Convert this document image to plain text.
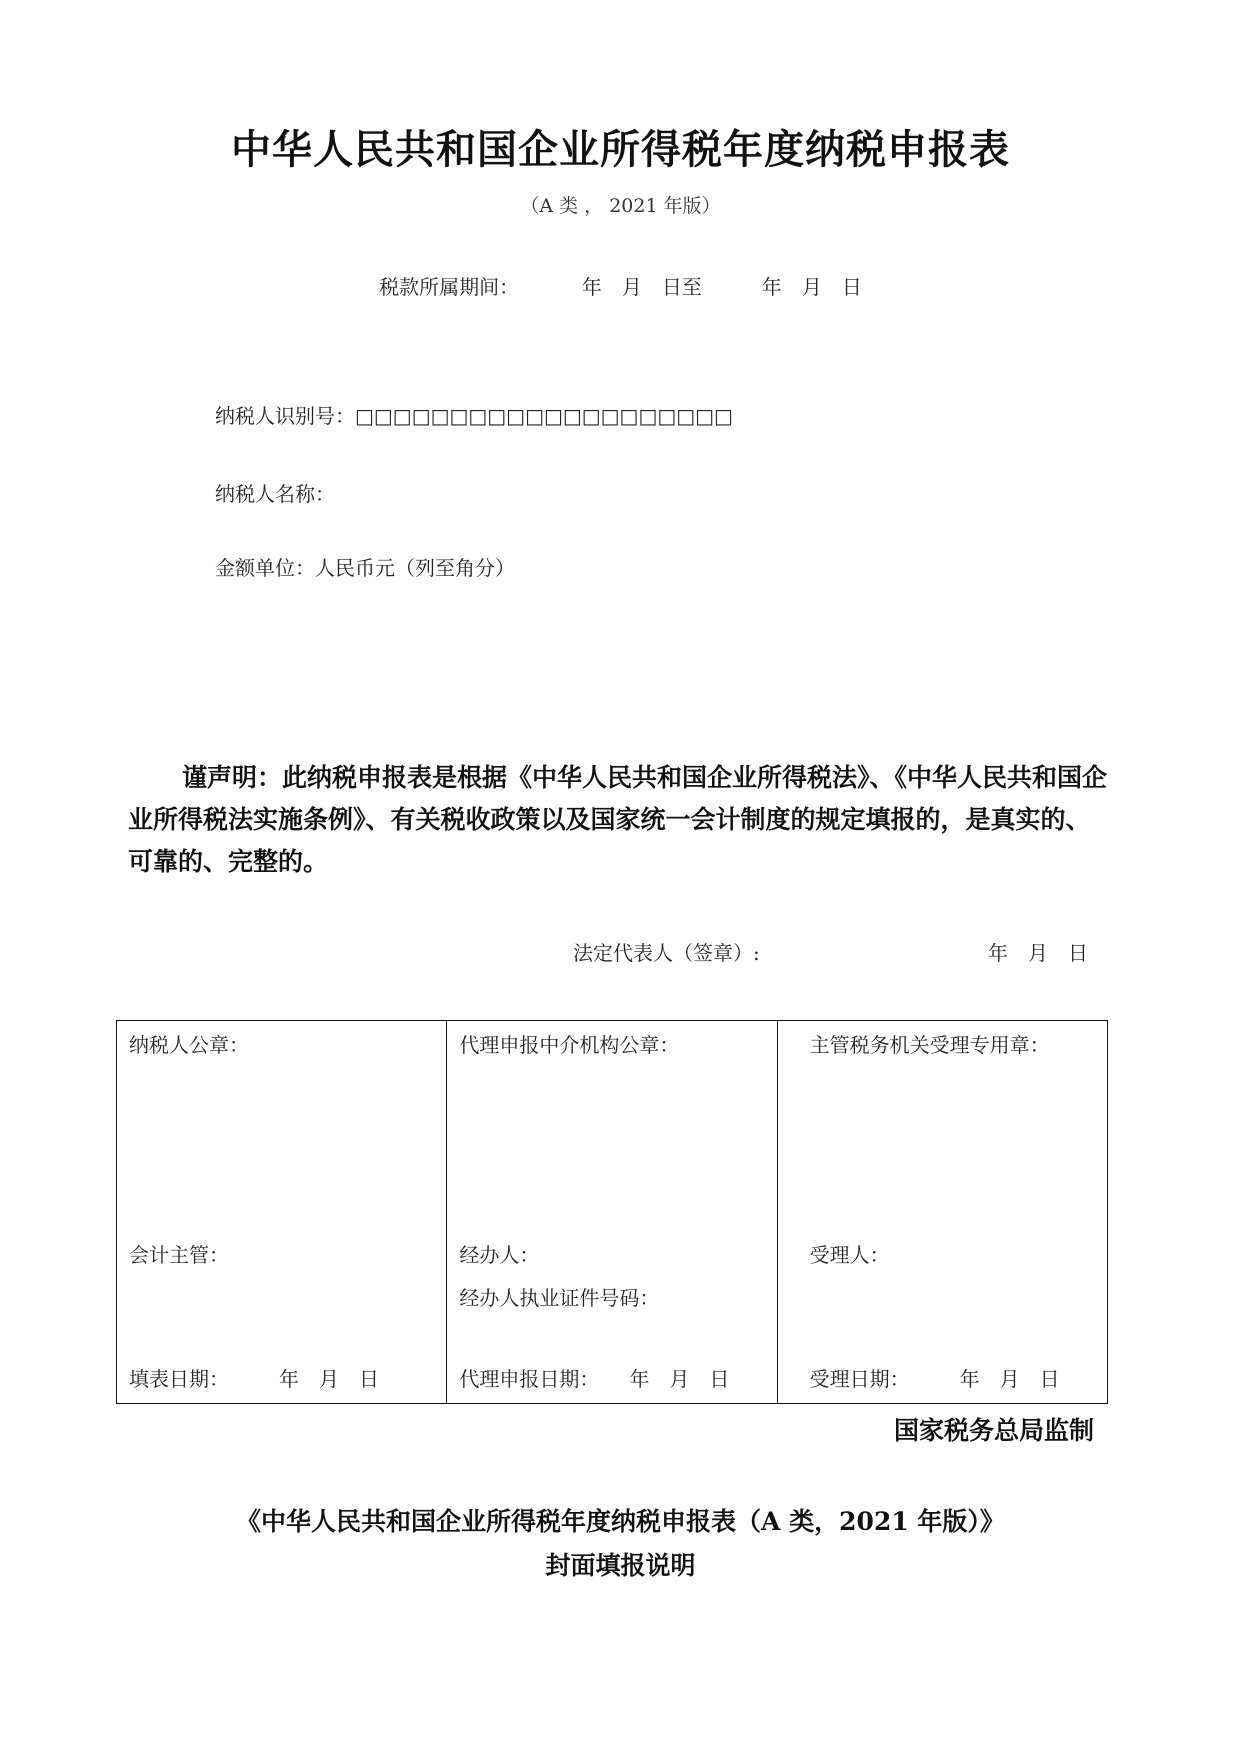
中华人民共和国企业所得税年度纳税申报表
（A 类 ， 2021 年版）
税款所属期间：	年　月　日至　　　年　月　日
纳税人识别号：□□□□□□□□□□□□□□□□□□□□
纳税人名称：
金额单位：人民币元（列至角分）
谨声明：此纳税申报表是根据《中华人民共和国企业所得税法》、《中华人民共和国企业所得税法实施条例》、有关税收政策以及国家统一会计制度的规定填报的，是真实的、可靠的、完整的。
法定代表人（签章）:	年　月　日
纳税人公章：
会计主管：
填表日期：　　　年　月　日

代理申报中介机构公章：
经办人：
经办人执业证件号码：
代理申报日期：　　年　月　日

主管税务机关受理专用章：
受理人：
受理日期：　　　年　月　日
国家税务总局监制
《中华人民共和国企业所得税年度纳税申报表（A 类，2021 年版）》
封面填报说明
